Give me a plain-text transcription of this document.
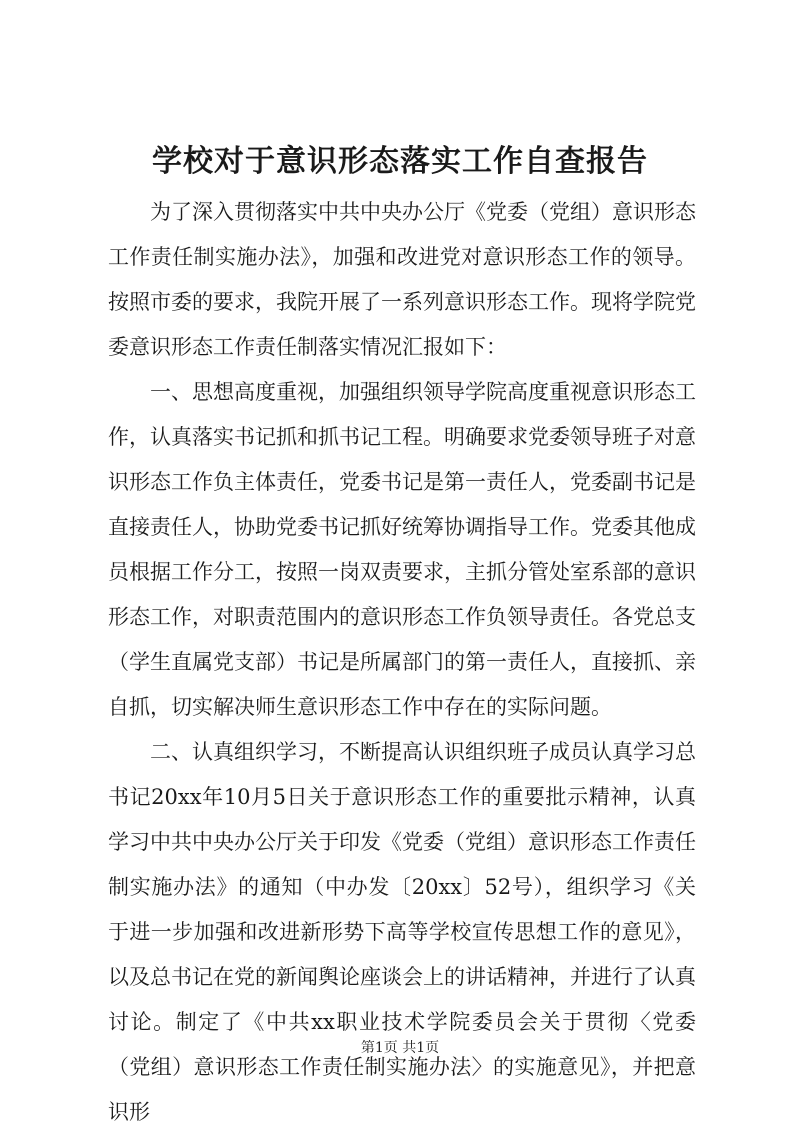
学校对于意识形态落实工作自查报告

为了深入贯彻落实中共中央办公厅《党委（党组）意识形态工作责任制实施办法》，加强和改进党对意识形态工作的领导。按照市委的要求，我院开展了一系列意识形态工作。现将学院党委意识形态工作责任制落实情况汇报如下：

一、思想高度重视，加强组织领导学院高度重视意识形态工作，认真落实书记抓和抓书记工程。明确要求党委领导班子对意识形态工作负主体责任，党委书记是第一责任人，党委副书记是直接责任人，协助党委书记抓好统筹协调指导工作。党委其他成员根据工作分工，按照一岗双责要求，主抓分管处室系部的意识形态工作，对职责范围内的意识形态工作负领导责任。各党总支（学生直属党支部）书记是所属部门的第一责任人，直接抓、亲自抓，切实解决师生意识形态工作中存在的实际问题。

二、认真组织学习，不断提高认识组织班子成员认真学习总书记20xx年10月5日关于意识形态工作的重要批示精神，认真学习中共中央办公厅关于印发《党委（党组）意识形态工作责任制实施办法》的通知（中办发〔20xx〕52号），组织学习《关于进一步加强和改进新形势下高等学校宣传思想工作的意见》，以及总书记在党的新闻舆论座谈会上的讲话精神，并进行了认真讨论。制定了《中共xx职业技术学院委员会关于贯彻〈党委（党组）意识形态工作责任制实施办法〉的实施意见》，并把意识形

第1页 共1页
